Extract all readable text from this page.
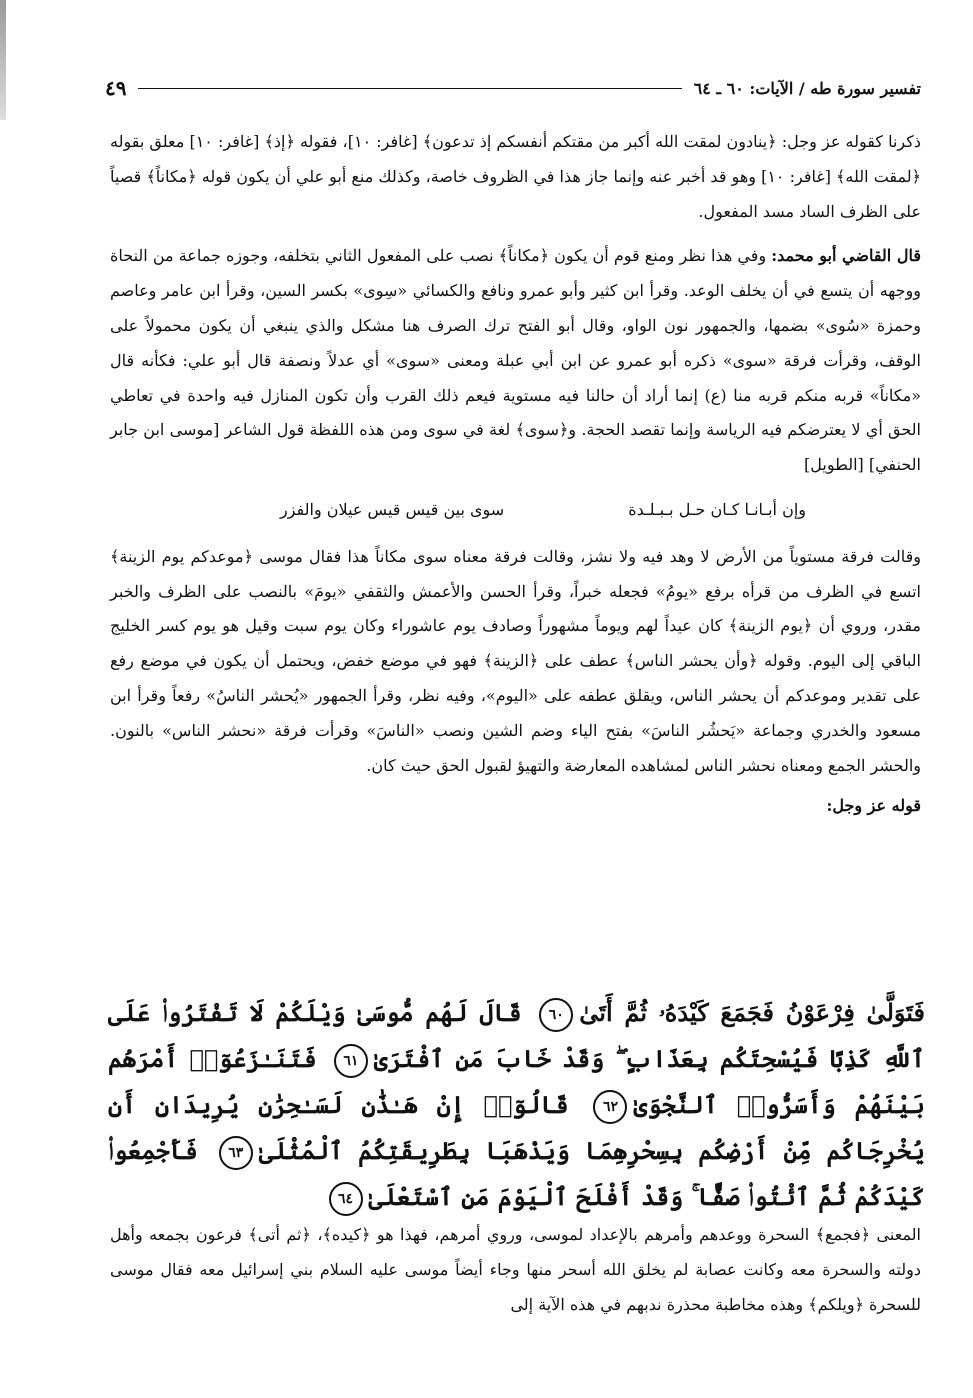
تفسير سورة طه / الآيات: ٦٠ ـ ٦٤
٤٩

ذكرنا كقوله عز وجل: ﴿ينادون لمقت الله أكبر من مقتكم أنفسكم إذ تدعون﴾ [غافر: ١٠]، فقوله ﴿إذ﴾ [غافر: ١٠] معلق بقوله ﴿لمقت الله﴾ [غافر: ١٠] وهو قد أخبر عنه وإنما جاز هذا في الظروف خاصة، وكذلك منع أبو علي أن يكون قوله ﴿مكاناً﴾ قصياً على الظرف الساد مسد المفعول.

قال القاضي أبو محمد: وفي هذا نظر ومنع قوم أن يكون ﴿مكاناً﴾ نصب على المفعول الثاني بتخلفه، وجوزه جماعة من النحاة ووجهه أن يتسع في أن يخلف الوعد. وقرأ ابن كثير وأبو عمرو ونافع والكسائي «سِوى» بكسر السين، وقرأ ابن عامر وعاصم وحمزة «سُوى» بضمها، والجمهور نون الواو، وقال أبو الفتح ترك الصرف هنا مشكل والذي ينبغي أن يكون محمولاً على الوقف، وقرأت فرقة «سوى» ذكره أبو عمرو عن ابن أبي عبلة ومعنى «سوى» أي عدلاً ونصفة قال أبو علي: فكأنه قال «مكاناً» قربه منكم قربه منا (ع) إنما أراد أن حالنا فيه مستوية فيعم ذلك القرب وأن تكون المنازل فيه واحدة في تعاطي الحق أي لا يعترضكم فيه الرياسة وإنما تقصد الحجة. و﴿سوى﴾ لغة في سوى ومن هذه اللفظة قول الشاعر [موسى ابن جابر الحنفي] [الطويل]

وإن أبـانـا كـان حـل بـبـلـدة
سوى بين قيس قيس عيلان والفزر

وقالت فرقة مستوياً من الأرض لا وهد فيه ولا نشز، وقالت فرقة معناه سوى مكاناً هذا فقال موسى ﴿موعدكم يوم الزينة﴾ اتسع في الظرف من قرأه برفع «يومُ» فجعله خبراً، وقرأ الحسن والأعمش والثقفي «يومَ» بالنصب على الظرف والخبر مقدر، وروي أن ﴿يوم الزينة﴾ كان عيداً لهم ويوماً مشهوراً وصادف يوم عاشوراء وكان يوم سبت وقيل هو يوم كسر الخليج الباقي إلى اليوم. وقوله ﴿وأن يحشر الناس﴾ عطف على ﴿الزينة﴾ فهو في موضع خفض، ويحتمل أن يكون في موضع رفع على تقدير وموعدكم أن يحشر الناس، ويقلق عطفه على «اليوم»، وفيه نظر، وقرأ الجمهور «يُحشر الناسُ» رفعاً وقرأ ابن مسعود والخدري وجماعة «يَحشُر الناسَ» بفتح الياء وضم الشين ونصب «الناسَ» وقرأت فرقة «نحشر الناس» بالنون. والحشر الجمع ومعناه نحشر الناس لمشاهده المعارضة والتهيؤ لقبول الحق حيث كان.

قوله عز وجل:

فَتَوَلَّىٰ فِرْعَوْنُ فَجَمَعَ كَيْدَهُۥ ثُمَّ أَتَىٰ٦٠ قَالَ لَهُم مُّوسَىٰ وَيْلَكُمْ لَا تَفْتَرُوا۟ عَلَى ٱللَّهِ كَذِبًا فَيُسْحِتَكُم بِعَذَابٍ ۖ وَقَدْ خَابَ مَنِ ٱفْتَرَىٰ٦١ فَتَنَـٰزَعُوٓا۟ أَمْرَهُم بَيْنَهُمْ وَأَسَرُّوا۟ ٱلنَّجْوَىٰ٦٢ قَالُوٓا۟ إِنْ هَـٰذَٰنِ لَسَـٰحِرَٰنِ يُرِيدَانِ أَن يُخْرِجَاكُم مِّنْ أَرْضِكُم بِسِحْرِهِمَا وَيَذْهَبَا بِطَرِيقَتِكُمُ ٱلْمُثْلَىٰ٦٣ فَأَجْمِعُوا۟ كَيْدَكُمْ ثُمَّ ٱئْتُوا۟ صَفًّا ۚ وَقَدْ أَفْلَحَ ٱلْيَوْمَ مَنِ ٱسْتَعْلَىٰ٦٤

المعنى ﴿فجمع﴾ السحرة ووعدهم وأمرهم بالإعداد لموسى، وروي أمرهم، فهذا هو ﴿كيده﴾، ﴿ثم أتى﴾ فرعون بجمعه وأهل دولته والسحرة معه وكانت عصابة لم يخلق الله أسحر منها وجاء أيضاً موسى عليه السلام بني إسرائيل معه فقال موسى للسحرة ﴿ويلكم﴾ وهذه مخاطبة محذرة ندبهم في هذه الآية إلى
